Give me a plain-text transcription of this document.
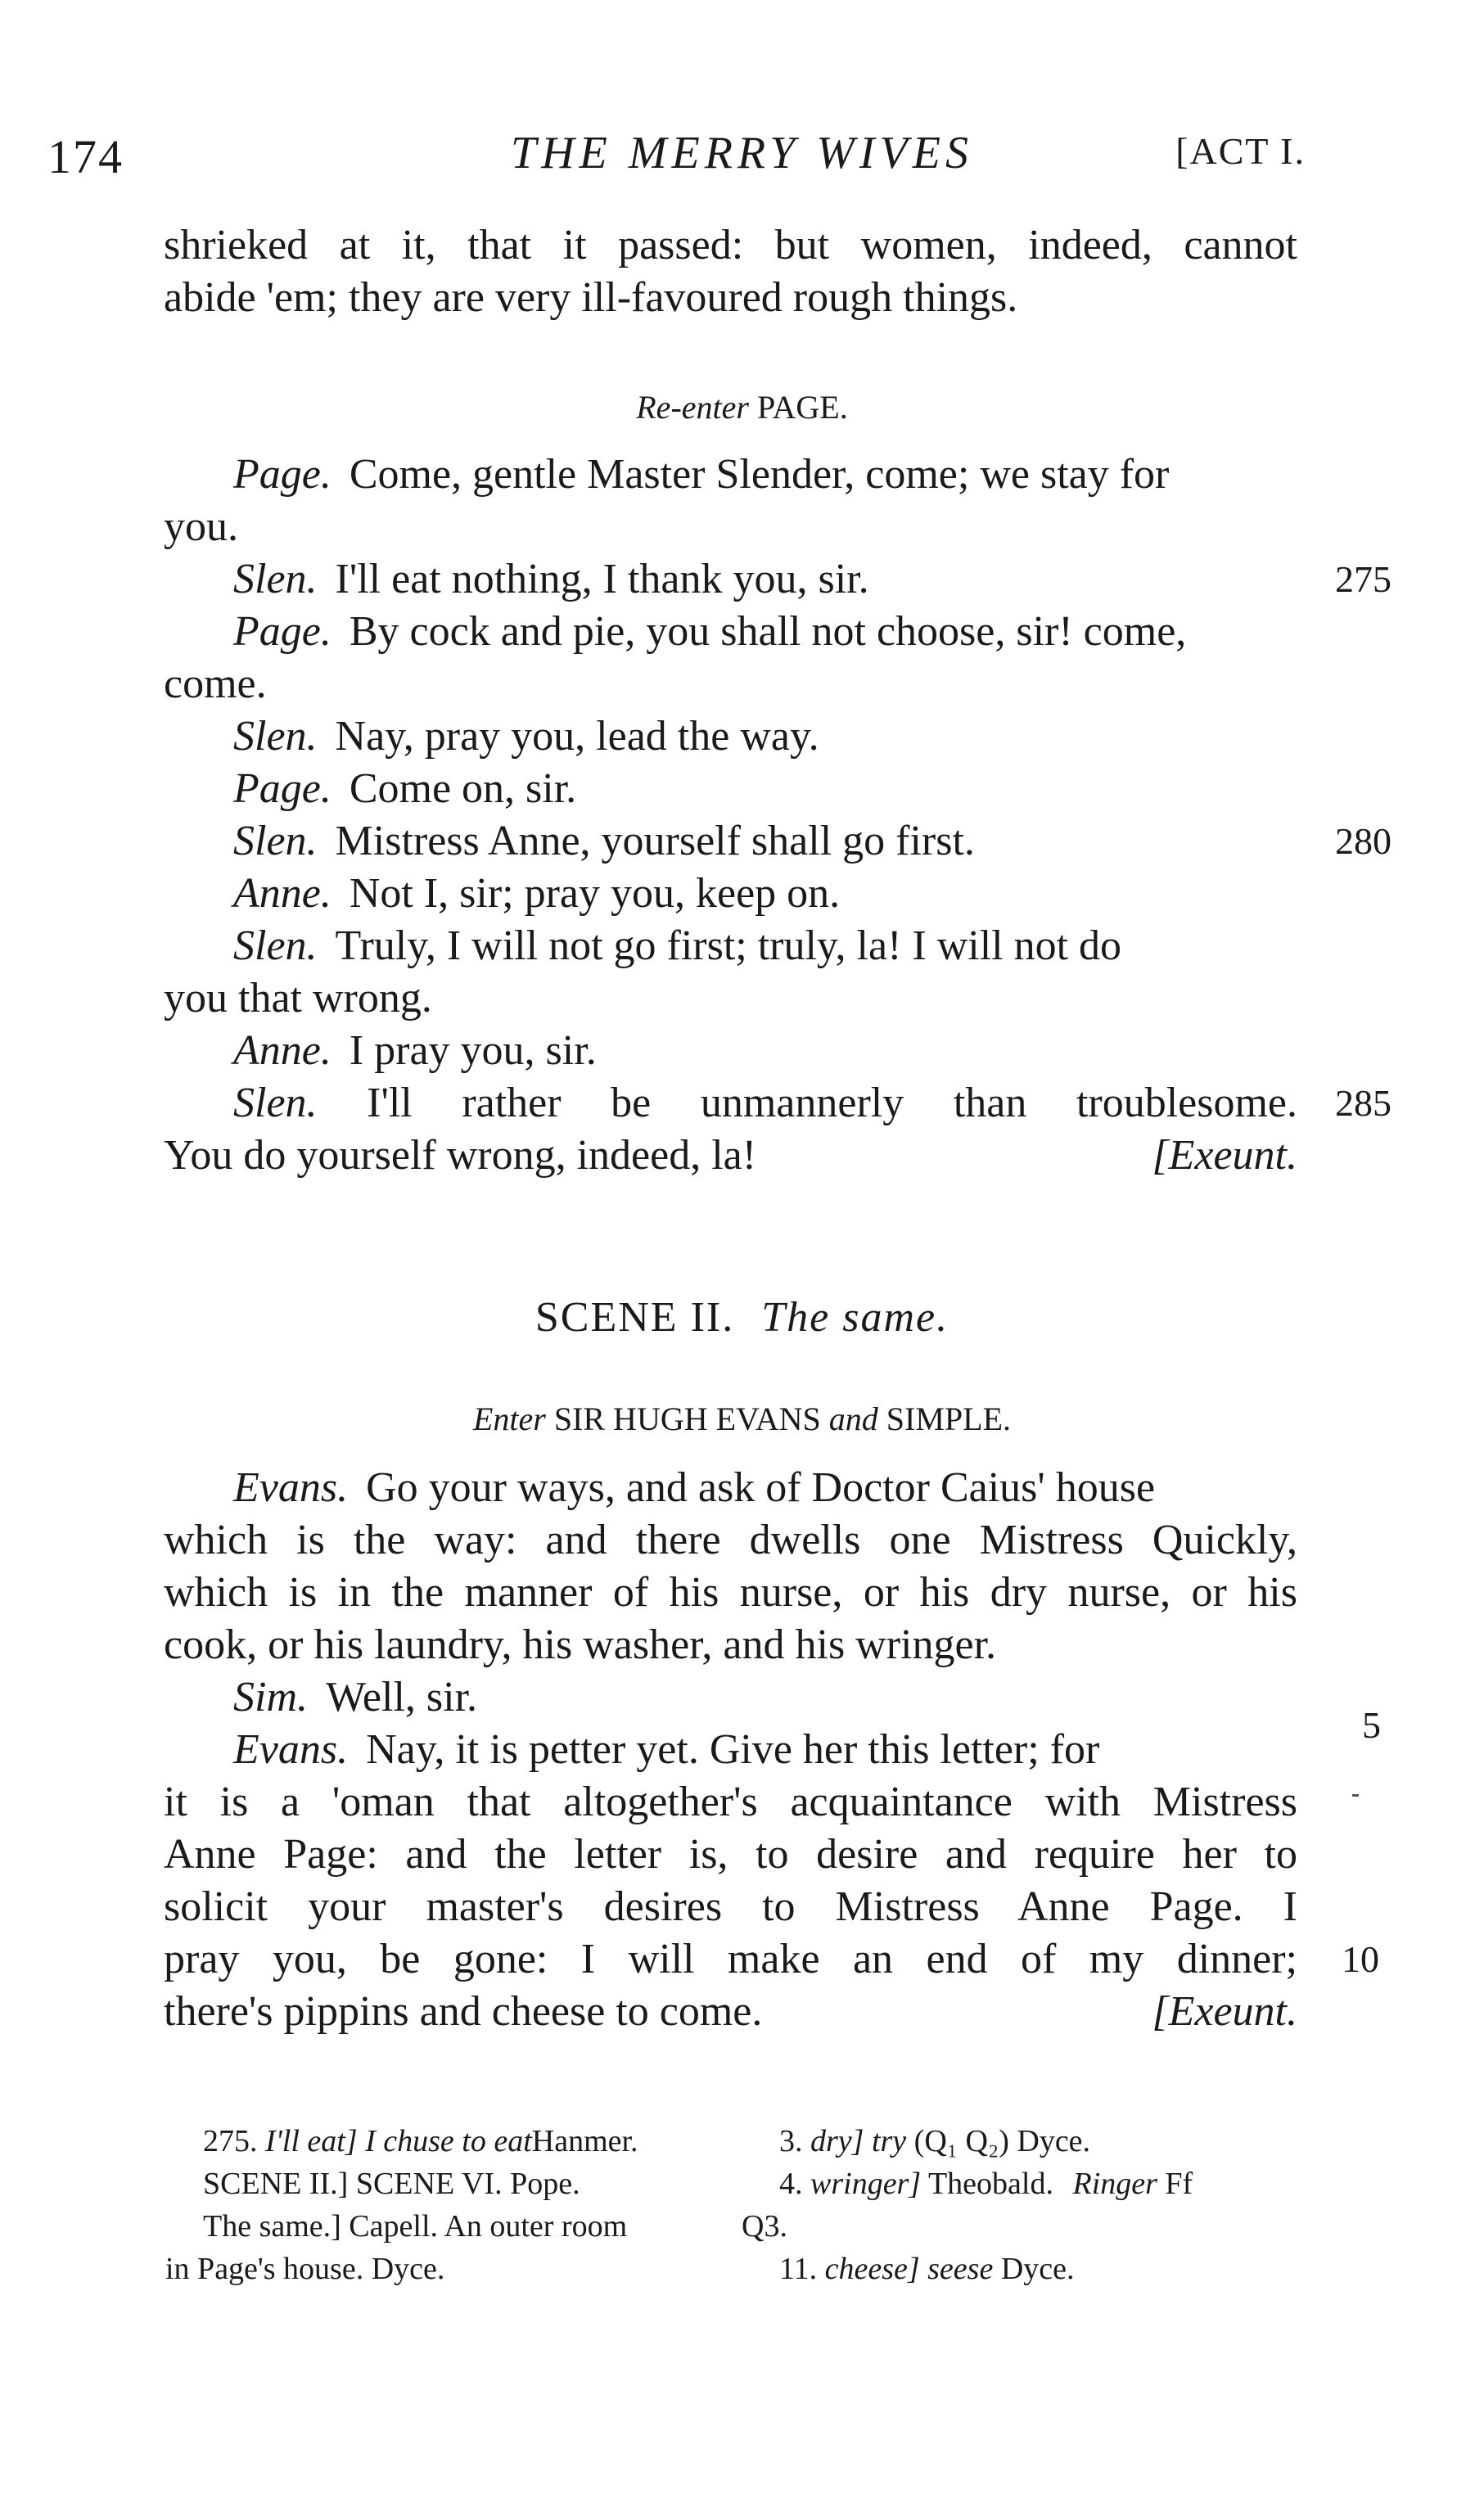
174	THE MERRY WIVES	[ACT I.
shrieked at it, that it passed: but women, indeed, cannot
abide 'em; they are very ill-favoured rough things.
Re-enter PAGE.
Page. Come, gentle Master Slender, come; we stay for
you.
Slen. I'll eat nothing, I thank you, sir.	275
Page. By cock and pie, you shall not choose, sir! come,
come.
Slen. Nay, pray you, lead the way.
Page. Come on, sir.
Slen. Mistress Anne, yourself shall go first.	280
Anne. Not I, sir; pray you, keep on.
Slen. Truly, I will not go first; truly, la! I will not do
you that wrong.
Anne. I pray you, sir.
Slen. I'll rather be unmannerly than troublesome. 285
You do yourself wrong, indeed, la!	[Exeunt.
SCENE II. The same.
Enter SIR HUGH EVANS and SIMPLE.
Evans. Go your ways, and ask of Doctor Caius' house
which is the way: and there dwells one Mistress Quickly,
which is in the manner of his nurse, or his dry nurse, or his
cook, or his laundry, his washer, and his wringer.
Sim. Well, sir.
5
Evans. Nay, it is petter yet. Give her this letter; for
it is a 'oman that altogether's acquaintance with Mistress
Anne Page: and the letter is, to desire and require her to
solicit your master's desires to Mistress Anne Page. I
pray you, be gone: I will make an end of my dinner; 10
there's pippins and cheese to come.	[Exeunt.
275. I'll eat] I chuse to eatHanmer.
SCENE II.] SCENE VI. Pope.
The same.] Capell. An outer room
in Page's house. Dyce.
3. dry] try (Q₁ Q₂) Dyce.
4. wringer] Theobald. Ringer Ff
Q3.
11. cheese] seese Dyce.
